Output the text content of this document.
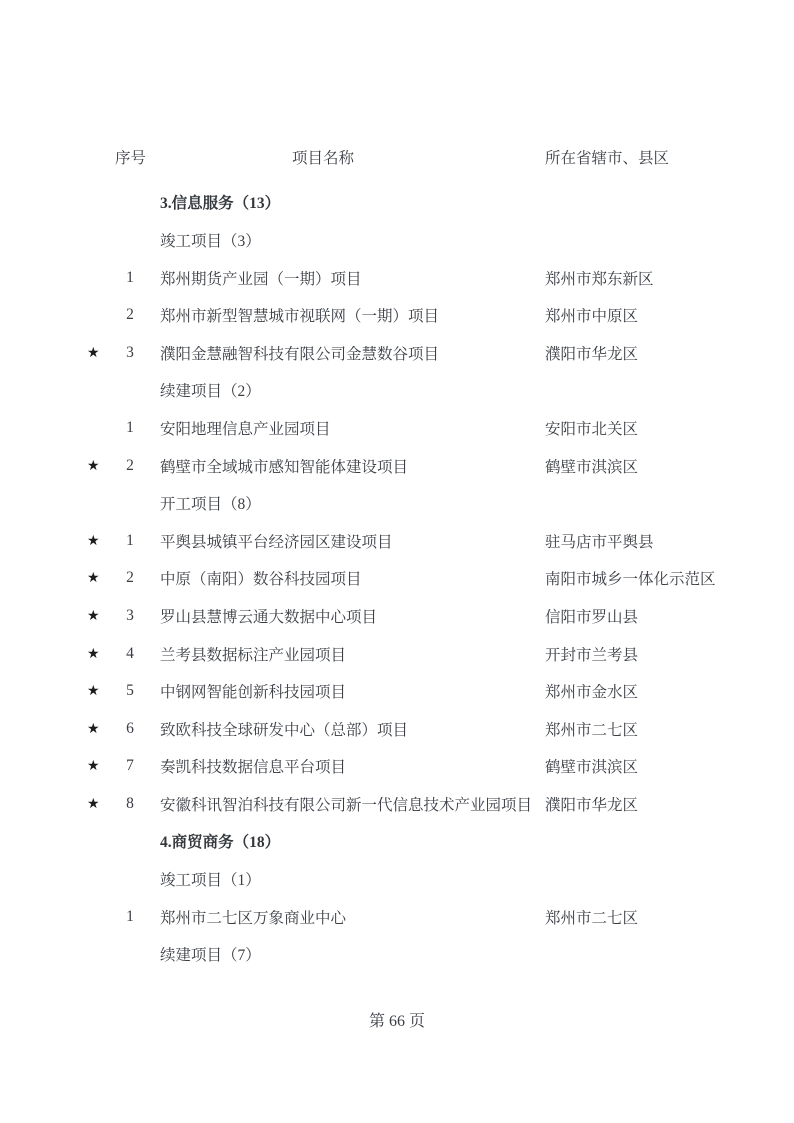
序号	项目名称	所在省辖市、县区
3.信息服务（13）
竣工项目（3）
1	郑州期货产业园（一期）项目	郑州市郑东新区
2	郑州市新型智慧城市视联网（一期）项目	郑州市中原区
★	3	濮阳金慧融智科技有限公司金慧数谷项目	濮阳市华龙区
续建项目（2）
1	安阳地理信息产业园项目	安阳市北关区
★	2	鹤壁市全域城市感知智能体建设项目	鹤壁市淇滨区
开工项目（8）
★	1	平舆县城镇平台经济园区建设项目	驻马店市平舆县
★	2	中原（南阳）数谷科技园项目	南阳市城乡一体化示范区
★	3	罗山县慧博云通大数据中心项目	信阳市罗山县
★	4	兰考县数据标注产业园项目	开封市兰考县
★	5	中钢网智能创新科技园项目	郑州市金水区
★	6	致欧科技全球研发中心（总部）项目	郑州市二七区
★	7	奏凯科技数据信息平台项目	鹤壁市淇滨区
★	8	安徽科讯智泊科技有限公司新一代信息技术产业园项目 濮阳市华龙区
4.商贸商务（18）
竣工项目（1）
1	郑州市二七区万象商业中心	郑州市二七区
续建项目（7）
第 66 页
